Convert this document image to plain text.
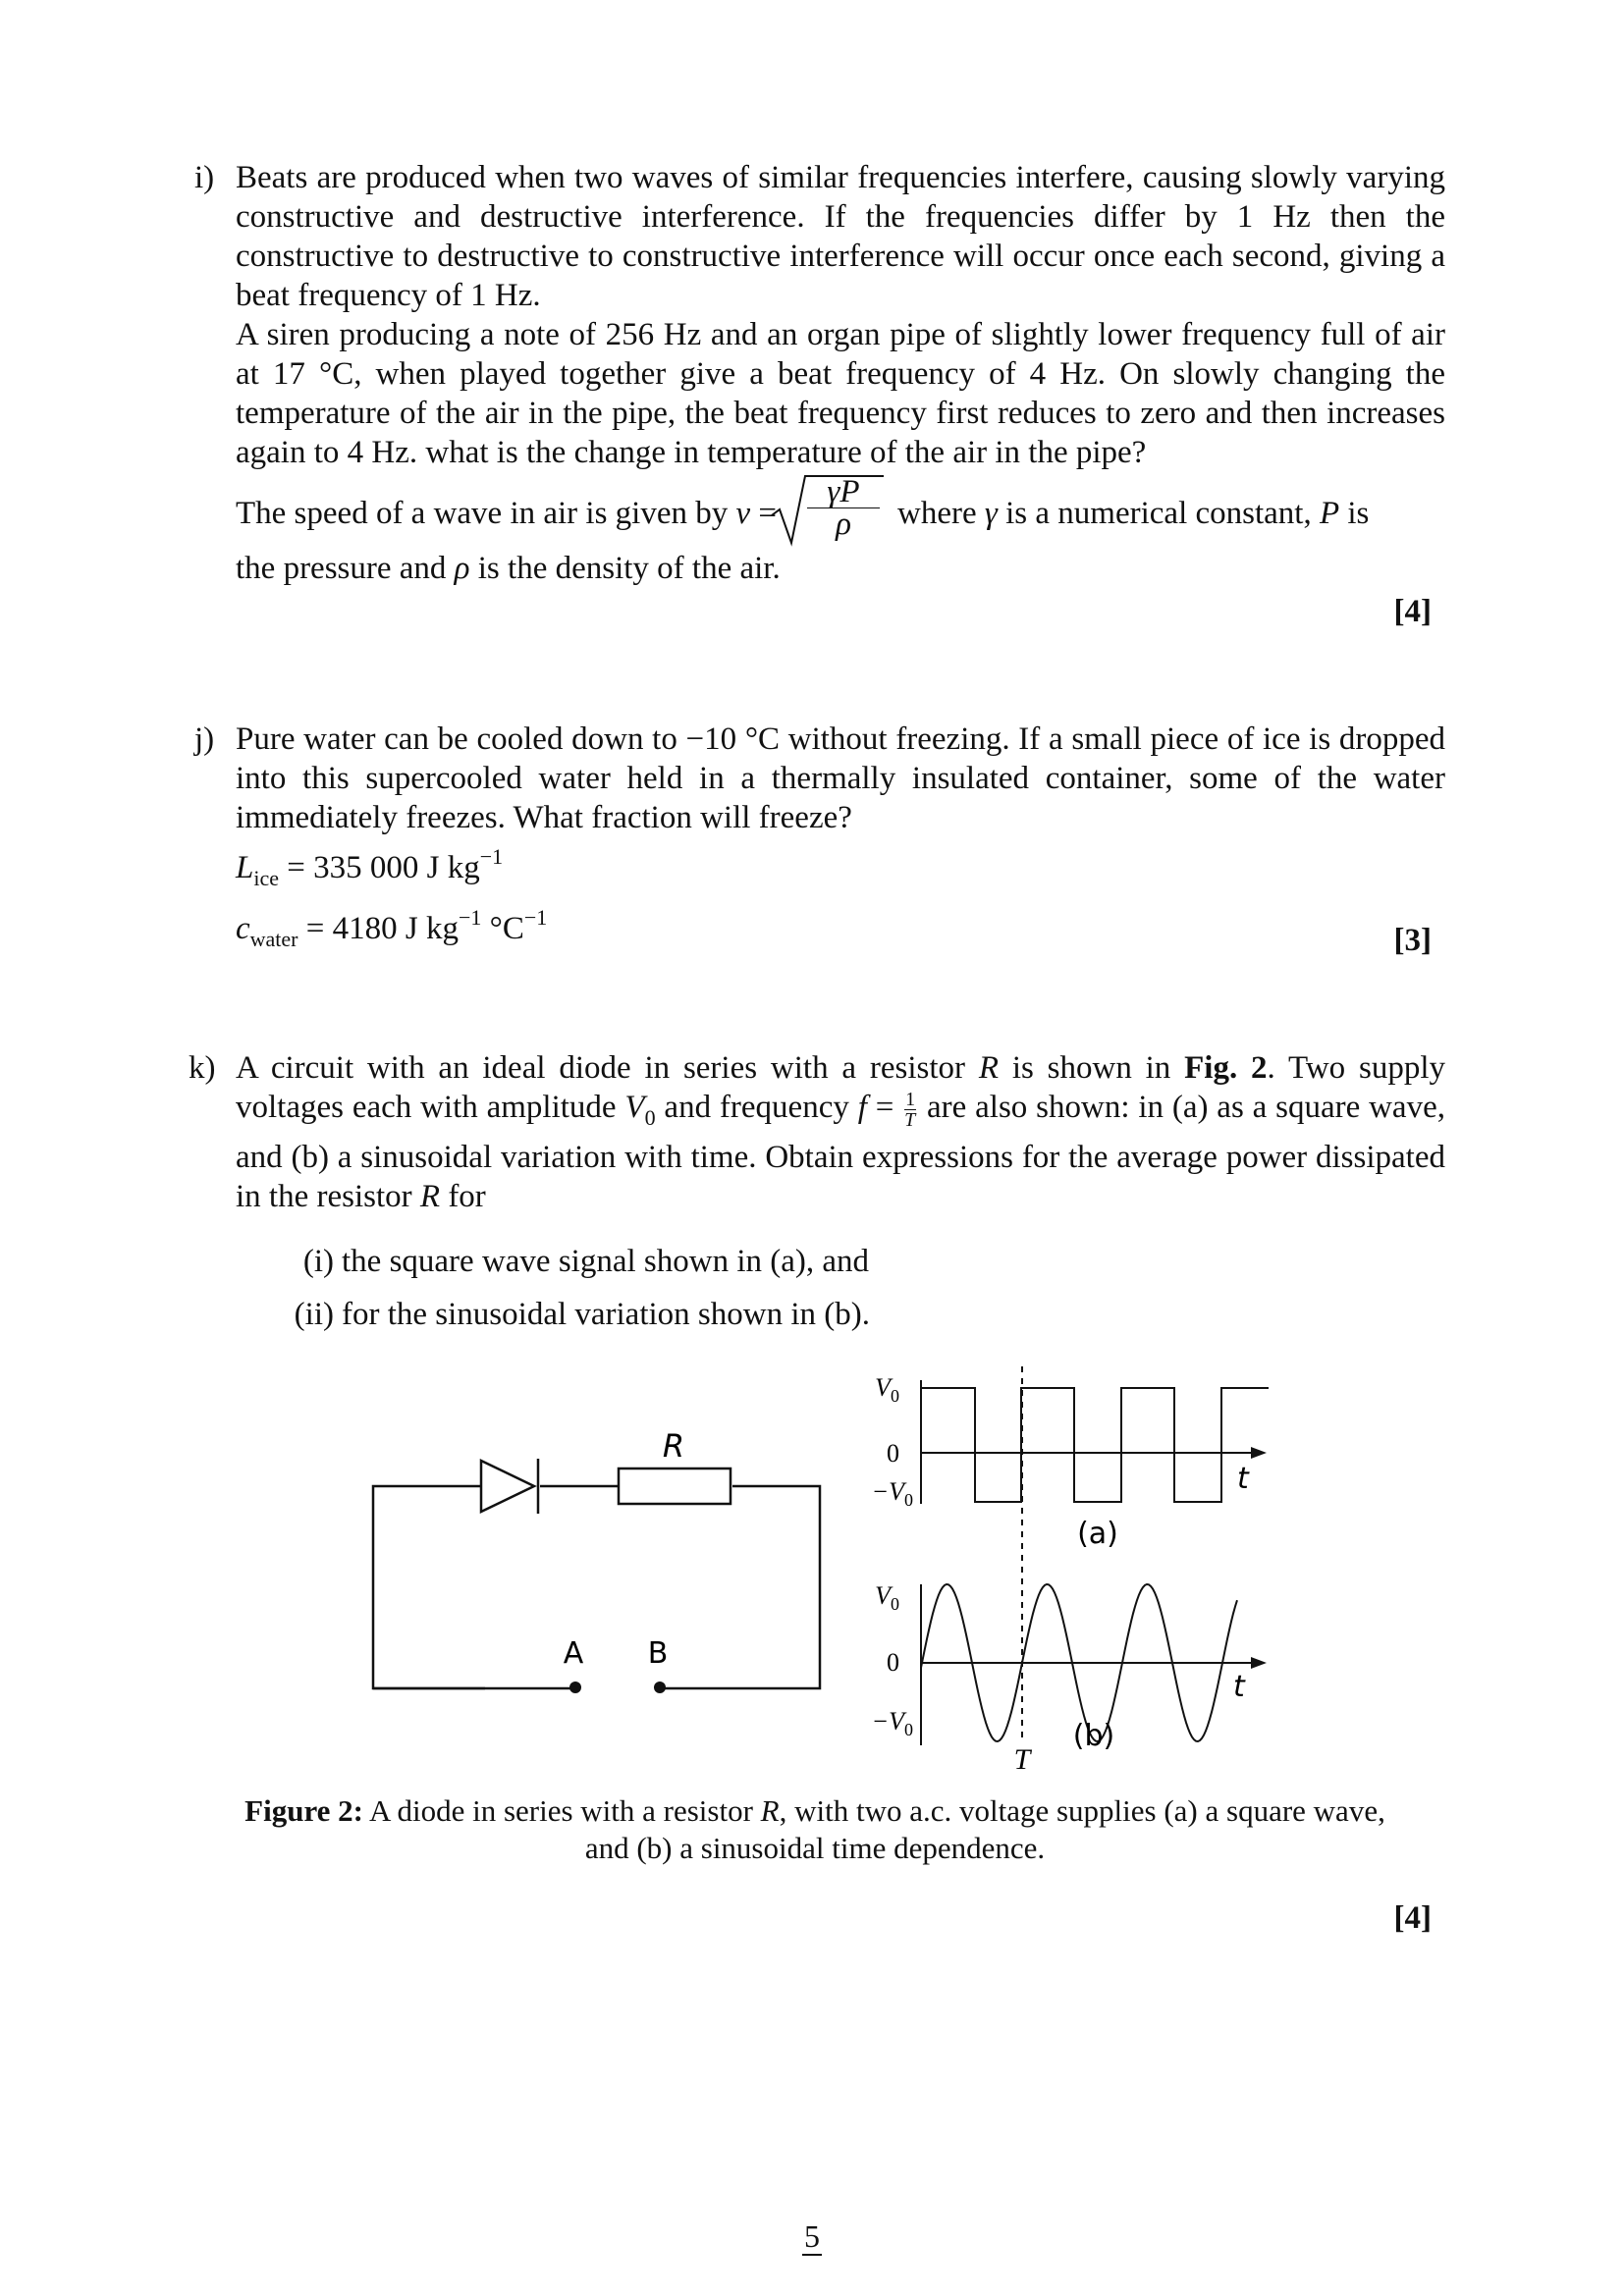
i) Beats are produced when two waves of similar frequencies interfere, causing slowly varying constructive and destructive interference. If the frequencies differ by 1 Hz then the constructive to destructive to constructive interference will occur once each second, giving a beat frequency of 1 Hz.
A siren producing a note of 256 Hz and an organ pipe of slightly lower frequency full of air at 17 °C, when played together give a beat frequency of 4 Hz. On slowly changing the temperature of the air in the pipe, the beat frequency first reduces to zero and then increases again to 4 Hz. what is the change in temperature of the air in the pipe?
The speed of a wave in air is given by $v = \frac{\gamma P}{\rho}$ where γ is a numerical constant, P is
the pressure and ρ is the density of the air.
[4]
j) Pure water can be cooled down to −10 °C without freezing. If a small piece of ice is dropped into this supercooled water held in a thermally insulated container, some of the water immediately freezes. What fraction will freeze?
$L_{ice} = 335$ 000 J $kg^{-1}$
$c_{water} = 4180$ J $kg^{-1}$ $^\circ C^{-1}$
[3]
k) A circuit with an ideal diode in series with a resistor R is shown in Fig. 2. Two supply voltages each with amplitude $V_0$ and frequency $f = \frac{1}{T}$ are also shown: in (a) as a square wave, and (b) a sinusoidal variation with time. Obtain expressions for the average power dissipated in the resistor R for
(i) the square wave signal shown in (a), and
(ii) for the sinusoidal variation shown in (b).
R
A B
$V_0$
0
$-V_0$
t
(a)
$V_0$
0
$-V_0$
t
(b)
T
Figure 2: A diode in series with a resistor R, with two a.c. voltage supplies (a) a square wave,
and (b) a sinusoidal time dependence.
[4]
5
